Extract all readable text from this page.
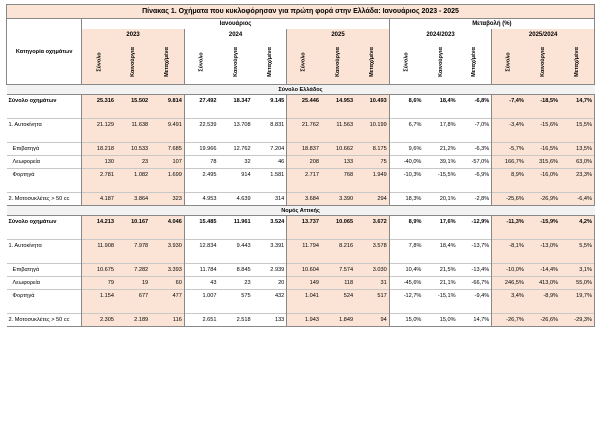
Πίνακας 1. Οχήματα που κυκλοφόρησαν για πρώτη φορά στην Ελλάδα: Ιανουάριος 2023 - 2025															
Κατηγορία οχημάτων	Ιανουάριος									Μεταβολή (%)					
	2023			2024			2025			2024/2023			2025/2024		
	Σύνολο	Καινούργια	Μεταχ/μένα	Σύνολο	Καινούργια	Μεταχ/μένα	Σύνολο	Καινούργια	Μεταχ/μένα	Σύνολο	Καινούργια	Μεταχ/μένα	Σύνολο	Καινούργια	Μεταχ/μένα
Σύνολο Ελλάδος															
Σύνολο οχημάτων	25.316	15.502	9.814	27.492	18.347	9.145	25.446	14.953	10.493	8,6%	18,4%	-6,8%	-7,4%	-18,5%	14,7%

1. Αυτοκίνητα	21.129	11.638	9.491	22.539	13.708	8.831	21.762	11.563	10.199	6,7%	17,8%	-7,0%	-3,4%	-15,6%	15,5%

Επιβατηγά	18.218	10.533	7.685	19.966	12.762	7.204	18.837	10.662	8.175	9,6%	21,2%	-6,3%	-5,7%	-16,5%	13,5%
Λεωφορεία	130	23	107	78	32	46	208	133	75	-40,0%	39,1%	-57,0%	166,7%	315,6%	63,0%
Φορτηγά	2.781	1.082	1.699	2.495	914	1.581	2.717	768	1.949	-10,3%	-15,5%	-6,9%	8,9%	-16,0%	23,3%

2. Μοτοσυκλέτες > 50 cc	4.187	3.864	323	4.953	4.639	314	3.684	3.390	294	18,3%	20,1%	-2,8%	-25,6%	-26,9%	-6,4%
Νομός Αττικής															
Σύνολο οχημάτων	14.213	10.167	4.046	15.485	11.961	3.524	13.737	10.065	3.672	8,9%	17,6%	-12,9%	-11,3%	-15,9%	4,2%

1. Αυτοκίνητα	11.908	7.978	3.930	12.834	9.443	3.391	11.794	8.216	3.578	7,8%	18,4%	-13,7%	-8,1%	-13,0%	5,5%

Επιβατηγά	10.675	7.282	3.393	11.784	8.845	2.939	10.604	7.574	3.030	10,4%	21,5%	-13,4%	-10,0%	-14,4%	3,1%
Λεωφορεία	79	19	60	43	23	20	149	118	31	-45,6%	21,1%	-66,7%	246,5%	413,0%	55,0%
Φορτηγά	1.154	677	477	1.007	575	432	1.041	524	517	-12,7%	-15,1%	-9,4%	3,4%	-8,9%	19,7%

2. Μοτοσυκλέτες > 50 cc	2.305	2.189	116	2.651	2.518	133	1.943	1.849	94	15,0%	15,0%	14,7%	-26,7%	-26,6%	-29,3%
